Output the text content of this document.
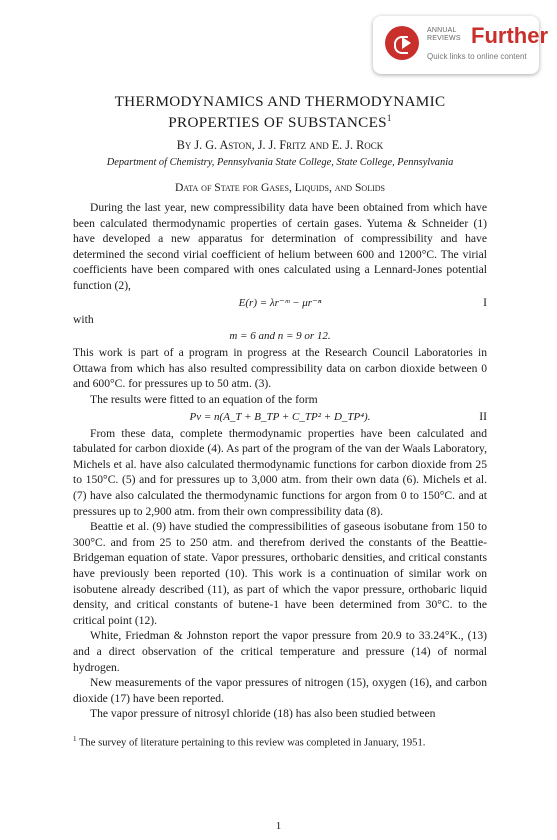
ANNUAL
REVIEWS Further
Quick links to online content
THERMODYNAMICS AND THERMODYNAMIC
PROPERTIES OF SUBSTANCES$^1$
By J. G. Aston, J. J. Fritz and E. J. Rock
Department of Chemistry, Pennsylvania State College, State College, Pennsylvania
Data of State for Gases, Liquids, and Solids

During the last year, new compressibility data have been obtained from which have been calculated thermodynamic properties of certain gases. Yutema & Schneider (1) have developed a new apparatus for determination of compressibility and have determined the second virial coefficient of helium between 600 and 1200°C. The virial coefficients have been compared with ones calculated using a Lennard-Jones potential function (2),

E(r) = λr⁻ᵐ − μr⁻ⁿ	I

with

m = 6 and n = 9 or 12.

This work is part of a program in progress at the Research Council Laboratories in Ottawa from which has also resulted compressibility data on carbon dioxide between 0 and 600°C. for pressures up to 50 atm. (3).

The results were fitted to an equation of the form

Pv = n(A_T + B_TP + C_TP² + D_TP⁴).	II

From these data, complete thermodynamic properties have been calculated and tabulated for carbon dioxide (4). As part of the program of the van der Waals Laboratory, Michels et al. have also calculated thermodynamic functions for carbon dioxide from 25 to 150°C. (5) and for pressures up to 3,000 atm. from their own data (6). Michels et al. (7) have also calculated the thermodynamic functions for argon from 0 to 150°C. and at pressures up to 2,900 atm. from their own compressibility data (8).

Beattie et al. (9) have studied the compressibilities of gaseous isobutane from 150 to 300°C. and from 25 to 250 atm. and therefrom derived the constants of the Beattie-Bridgeman equation of state. Vapor pressures, orthobaric densities, and critical constants have previously been reported (10). This work is a continuation of similar work on isobutene already described (11), as part of which the vapor pressure, orthobaric liquid density, and critical constants of butene-1 have been determined from 30°C. to the critical point (12).

White, Friedman & Johnston report the vapor pressure from 20.9 to 33.24°K., (13) and a direct observation of the critical temperature and pressure (14) of normal hydrogen.

New measurements of the vapor pressures of nitrogen (15), oxygen (16), and carbon dioxide (17) have been reported.

The vapor pressure of nitrosyl chloride (18) has also been studied between

$^1$ The survey of literature pertaining to this review was completed in January, 1951.
1
